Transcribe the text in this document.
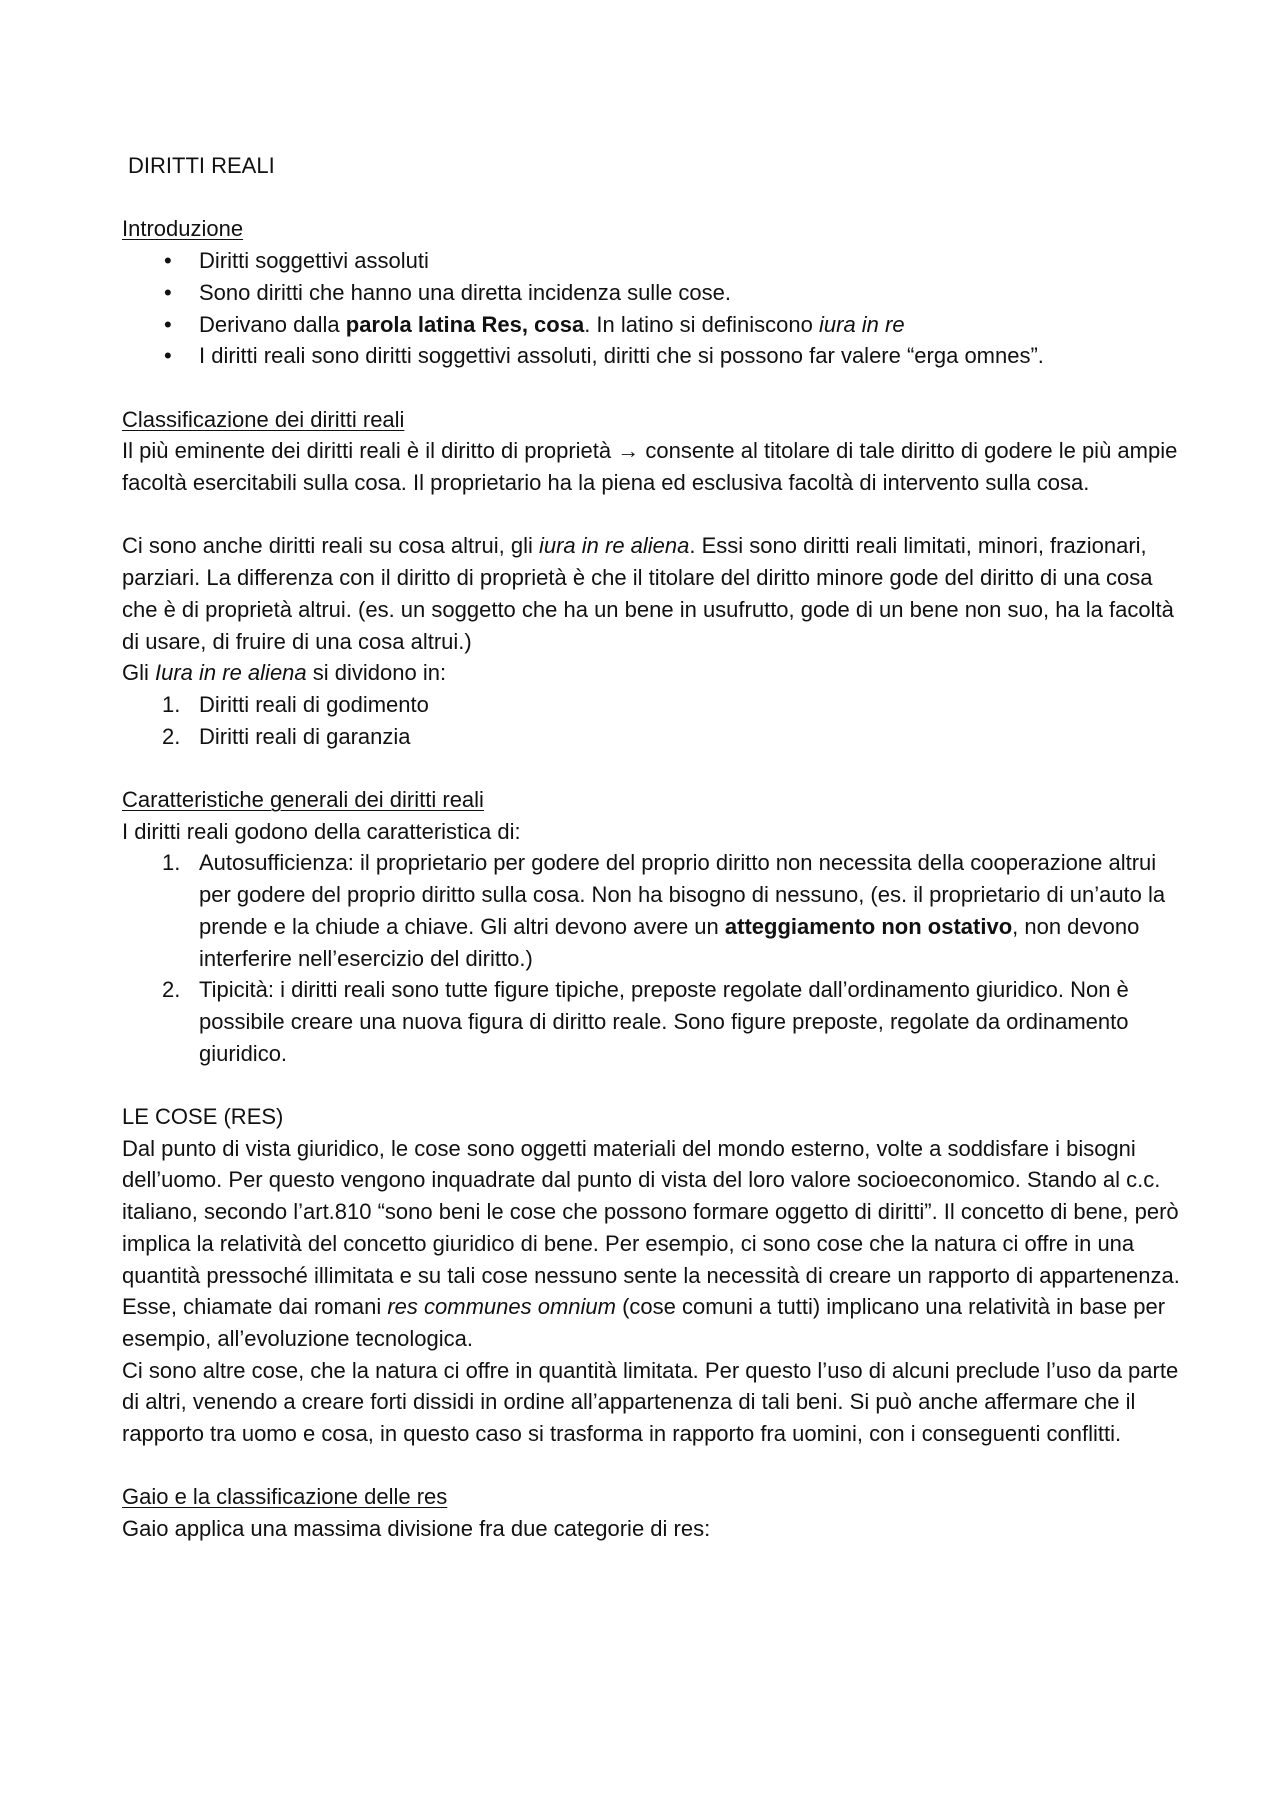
DIRITTI REALI
Introduzione
• Diritti soggettivi assoluti
• Sono diritti che hanno una diretta incidenza sulle cose.
• Derivano dalla parola latina Res, cosa. In latino si definiscono iura in re
• I diritti reali sono diritti soggettivi assoluti, diritti che si possono far valere “erga omnes”.
Classificazione dei diritti reali

Il più eminente dei diritti reali è il diritto di proprietà → consente al titolare di tale diritto di godere le più ampie facoltà esercitabili sulla cosa. Il proprietario ha la piena ed esclusiva facoltà di intervento sulla cosa.

Ci sono anche diritti reali su cosa altrui, gli iura in re aliena. Essi sono diritti reali limitati, minori, frazionari, parziari. La differenza con il diritto di proprietà è che il titolare del diritto minore gode del diritto di una cosa che è di proprietà altrui. (es. un soggetto che ha un bene in usufrutto, gode di un bene non suo, ha la facoltà di usare, di fruire di una cosa altrui.)

Gli Iura in re aliena si dividono in:

1. Diritti reali di godimento
2. Diritti reali di garanzia
Caratteristiche generali dei diritti reali

I diritti reali godono della caratteristica di:

1. Autosufficienza: il proprietario per godere del proprio diritto non necessita della cooperazione altrui per godere del proprio diritto sulla cosa. Non ha bisogno di nessuno, (es. il proprietario di un’auto la prende e la chiude a chiave. Gli altri devono avere un atteggiamento non ostativo, non devono interferire nell’esercizio del diritto.)
2. Tipicità: i diritti reali sono tutte figure tipiche, preposte regolate dall’ordinamento giuridico. Non è possibile creare una nuova figura di diritto reale. Sono figure preposte, regolate da ordinamento giuridico.
LE COSE (RES)

Dal punto di vista giuridico, le cose sono oggetti materiali del mondo esterno, volte a soddisfare i bisogni dell’uomo. Per questo vengono inquadrate dal punto di vista del loro valore socioeconomico. Stando al c.c. italiano, secondo l’art.810 “sono beni le cose che possono formare oggetto di diritti”. Il concetto di bene, però implica la relatività del concetto giuridico di bene. Per esempio, ci sono cose che la natura ci offre in una quantità pressoché illimitata e su tali cose nessuno sente la necessità di creare un rapporto di appartenenza. Esse, chiamate dai romani res communes omnium (cose comuni a tutti) implicano una relatività in base per esempio, all’evoluzione tecnologica.

Ci sono altre cose, che la natura ci offre in quantità limitata. Per questo l’uso di alcuni preclude l’uso da parte di altri, venendo a creare forti dissidi in ordine all’appartenenza di tali beni. Si può anche affermare che il rapporto tra uomo e cosa, in questo caso si trasforma in rapporto fra uomini, con i conseguenti conflitti.

Gaio e la classificazione delle res

Gaio applica una massima divisione fra due categorie di res:
